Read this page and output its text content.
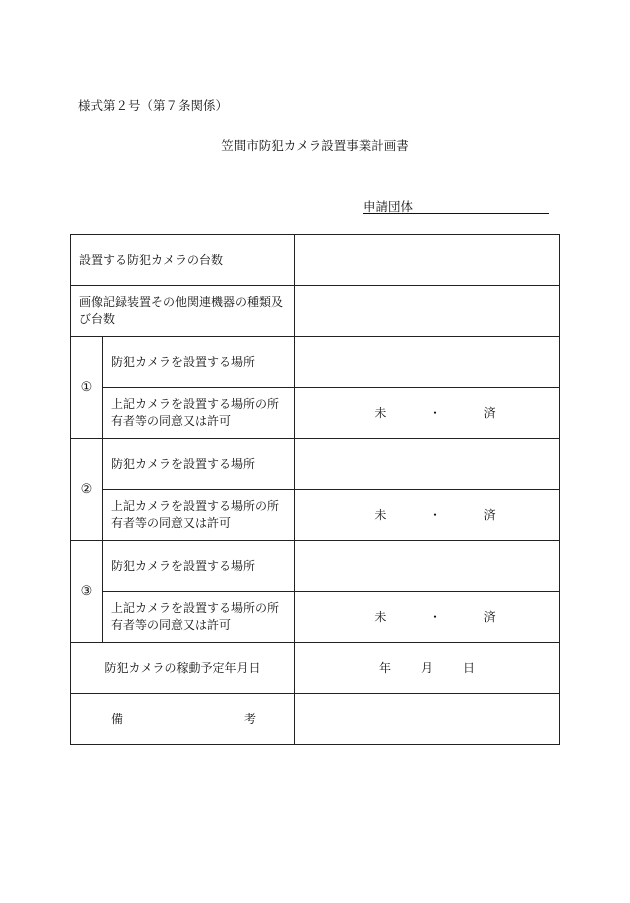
様式第２号（第７条関係）
笠間市防犯カメラ設置事業計画書
申請団体
設置する防犯カメラの台数		
画像記録装置その他関連機器の種類及び台数		
①	防犯カメラを設置する場所	
	上記カメラを設置する場所の所有者等の同意又は許可	未 ・ 済

②	防犯カメラを設置する場所	
	上記カメラを設置する場所の所有者等の同意又は許可	未 ・ 済

③	防犯カメラを設置する場所	
	上記カメラを設置する場所の所有者等の同意又は許可	未 ・ 済

防犯カメラの稼動予定年月日		年 月 日

備 考		
